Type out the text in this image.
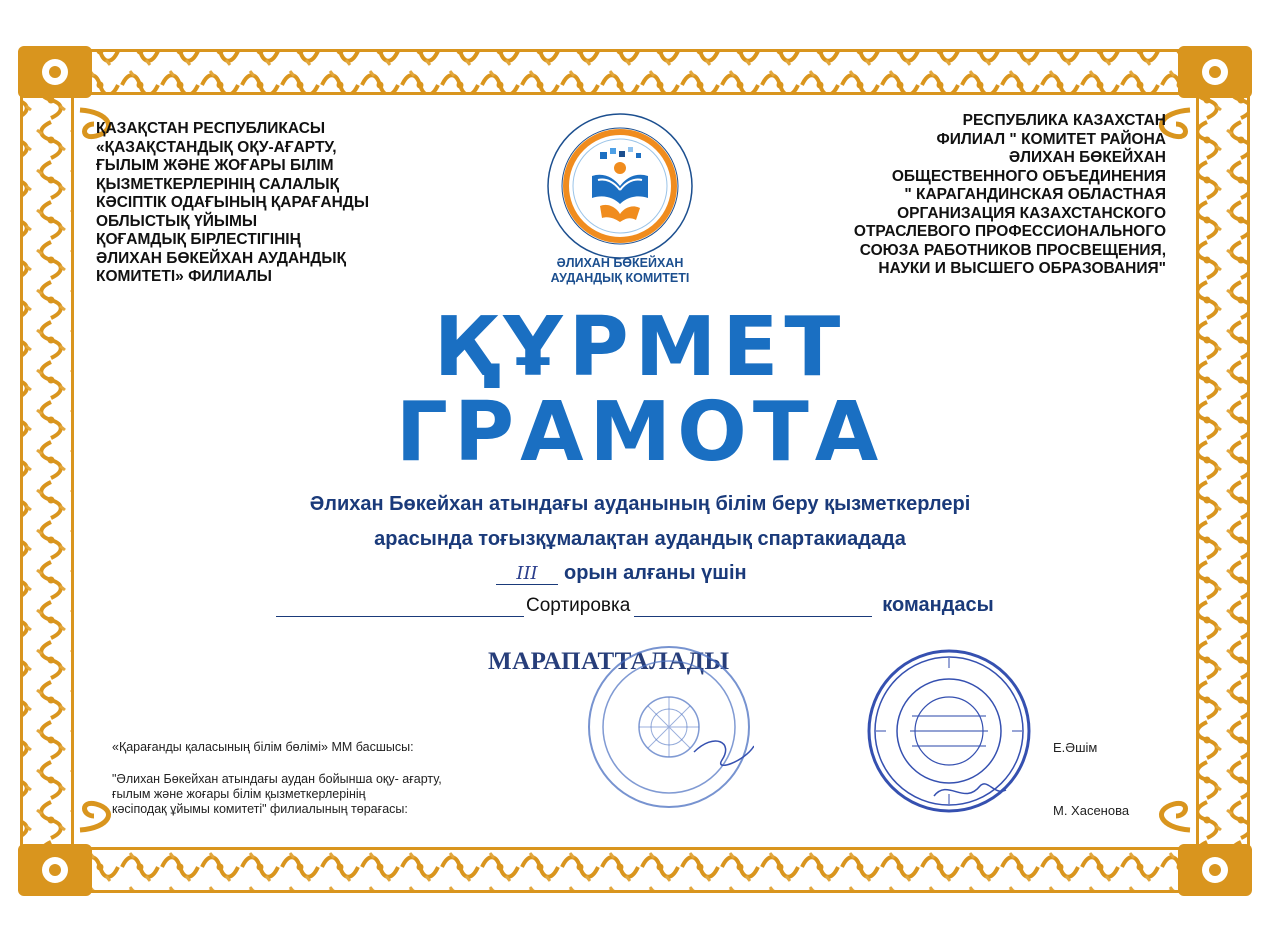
ҚАЗАҚСТАН РЕСПУБЛИКАСЫ
«ҚАЗАҚСТАНДЫҚ ОҚУ-АҒАРТУ,
ҒЫЛЫМ ЖӘНЕ ЖОҒАРЫ БІЛІМ
ҚЫЗМЕТКЕРЛЕРІНІҢ САЛАЛЫҚ
КӘСІПТІК ОДАҒЫНЫҢ ҚАРАҒАНДЫ
ОБЛЫСТЫҚ ҮЙЫМЫ
ҚОҒАМДЫҚ БІРЛЕСТІГІНІҢ
ӘЛИХАН БӨКЕЙХАН АУДАНДЫҚ
КОМИТЕТІ» ФИЛИАЛЫ
РЕСПУБЛИКА КАЗАХСТАН
ФИЛИАЛ " КОМИТЕТ РАЙОНА
ӘЛИХАН БӨКЕЙХАН
ОБЩЕСТВЕННОГО ОБЪЕДИНЕНИЯ
" КАРАГАНДИНСКАЯ ОБЛАСТНАЯ
ОРГАНИЗАЦИЯ КАЗАХСТАНСКОГО
ОТРАСЛЕВОГО ПРОФЕССИОНАЛЬНОГО
СОЮЗА РАБОТНИКОВ ПРОСВЕЩЕНИЯ,
НАУКИ И ВЫСШЕГО ОБРАЗОВАНИЯ"
ӘЛИХАН БӨКЕЙХАН
АУДАНДЫҚ КОМИТЕТІ
ҚҰРМЕТ
ГРАМОТА
Әлихан Бөкейхан атындағы ауданының білім беру қызметкерлері
арасында тоғызқұмалақтан аудандық спартакиадада
III орын алғаны үшін
Сортировка	командасы
МАРАПАТТАЛАДЫ
«Қарағанды қаласының білім бөлімі» ММ басшысы:
"Әлихан Бөкейхан атындағы аудан бойынша оқу- ағарту,
ғылым және жоғары білім қызметкерлерінің
кәсіподақ ұйымы комитеті" филиалының төрағасы:
Е.Әшім
М. Хасенова
